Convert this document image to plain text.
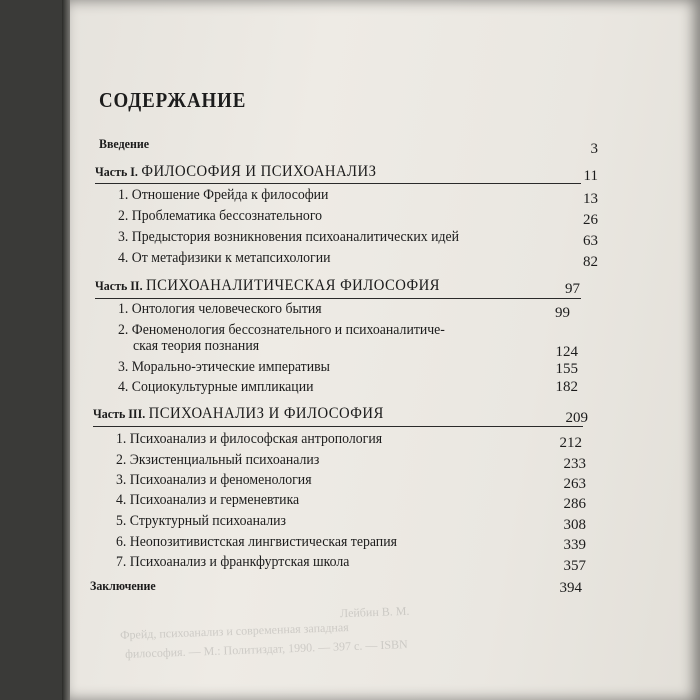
Лейбин В. М.
Фрейд, психоанализ и современная западная
философия. — М.: Политиздат, 1990. — 397 с. — ISBN
СОДЕРЖАНИЕ
Введение	3
Часть I. ФИЛОСОФИЯ И ПСИХОАНАЛИЗ	11
1. Отношение Фрейда к философии	13
2. Проблематика бессознательного	26
3. Предыстория возникновения психоаналитических идей	63
4. От метафизики к метапсихологии	82
Часть II. ПСИХОАНАЛИТИЧЕСКАЯ ФИЛОСОФИЯ	97
1. Онтология человеческого бытия	99
2. Феноменология бессознательного и психоаналитиче-
ская теория познания	124
3. Морально-этические императивы	155
4. Социокультурные импликации	182
Часть III. ПСИХОАНАЛИЗ И ФИЛОСОФИЯ	209
1. Психоанализ и философская антропология	212
2. Экзистенциальный психоанализ	233
3. Психоанализ и феноменология	263
4. Психоанализ и герменевтика	286
5. Структурный психоанализ	308
6. Неопозитивистская лингвистическая терапия	339
7. Психоанализ и франкфуртская школа	357
Заключение	394
